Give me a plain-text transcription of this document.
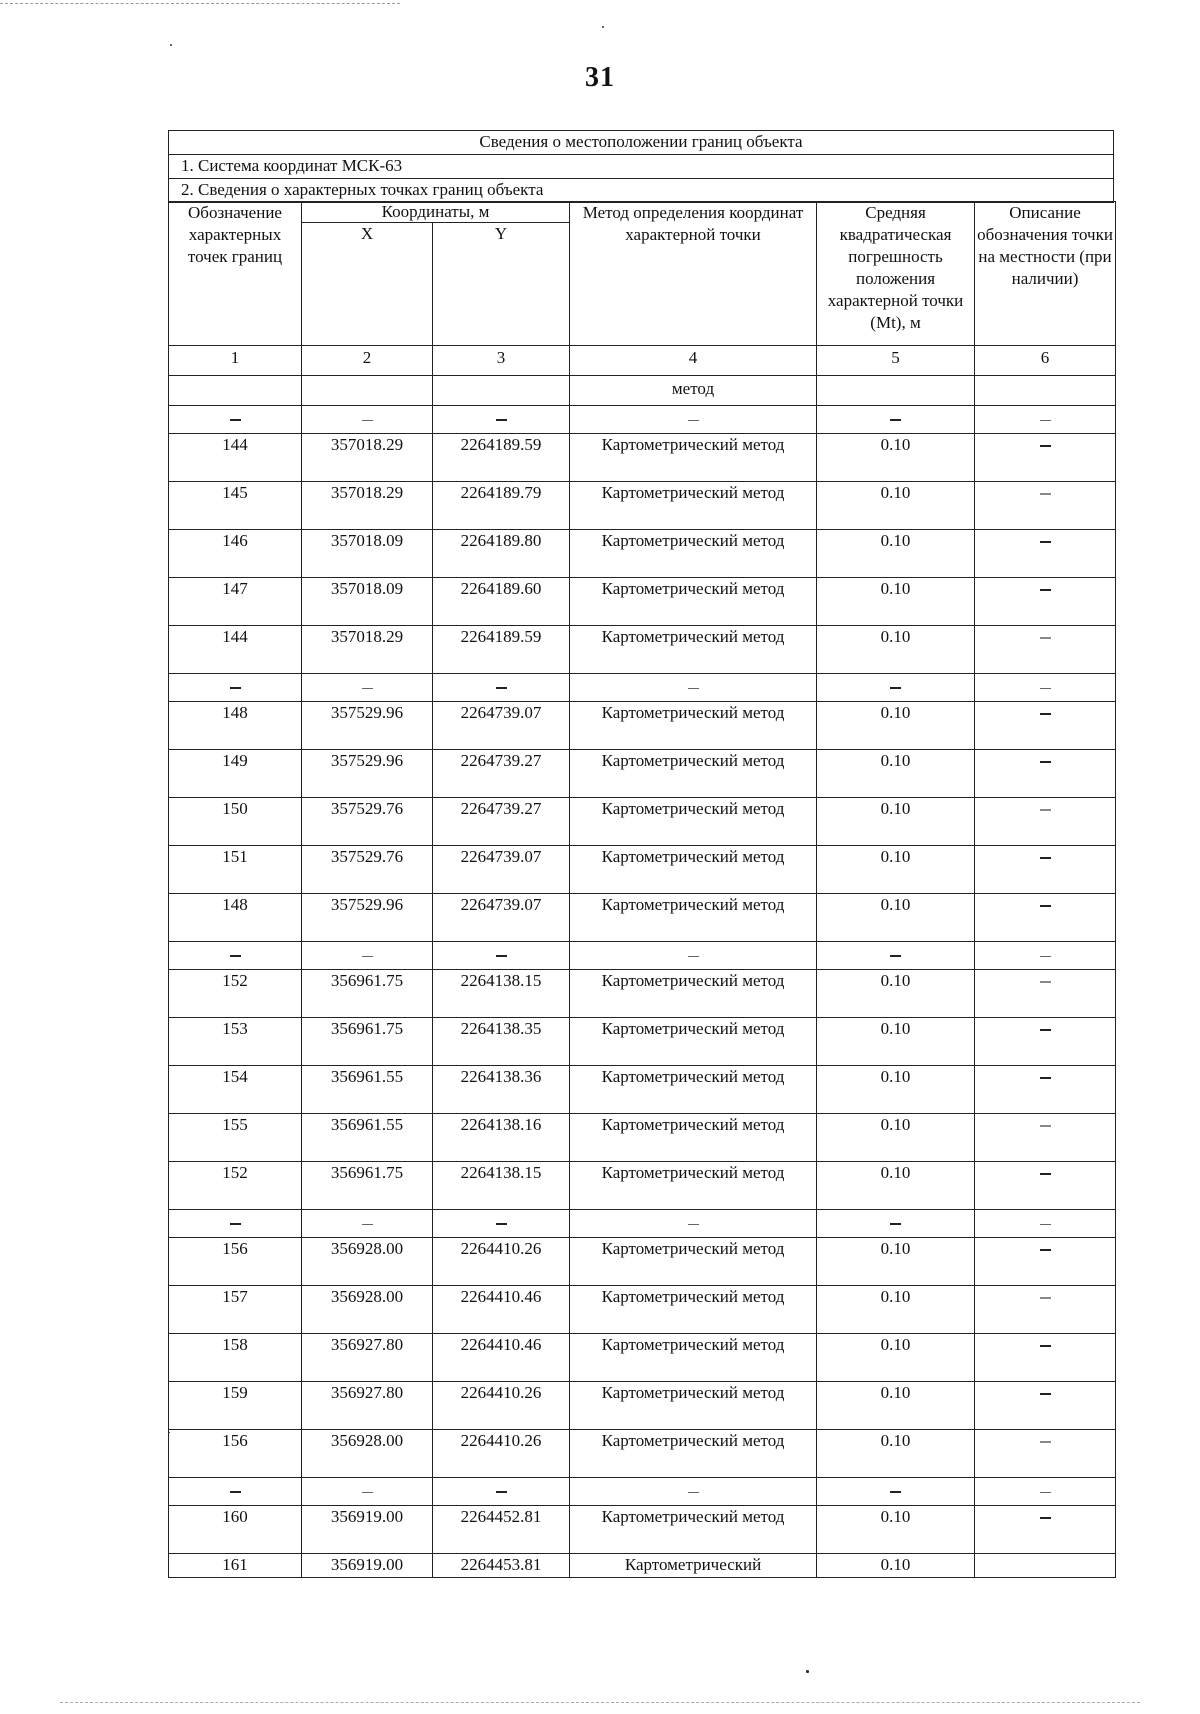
31
Сведения о местоположении границ объекта
1. Система координат МСК-63
2. Сведения о характерных точках границ объекта
Обозначение характерных точек границ	Координаты, м		Метод определения координат характерной точки	Средняя квадратическая погрешность положения характерной точки (Mt), м	Описание обозначения точки на местности (при наличии)
	X	Y			
1	2	3	4	5	6
			метод		

144	357018.29	2264189.59	Картометрический метод	0.10	
145	357018.29	2264189.79	Картометрический метод	0.10	
146	357018.09	2264189.80	Картометрический метод	0.10	
147	357018.09	2264189.60	Картометрический метод	0.10	
144	357018.29	2264189.59	Картометрический метод	0.10	

148	357529.96	2264739.07	Картометрический метод	0.10	
149	357529.96	2264739.27	Картометрический метод	0.10	
150	357529.76	2264739.27	Картометрический метод	0.10	
151	357529.76	2264739.07	Картометрический метод	0.10	
148	357529.96	2264739.07	Картометрический метод	0.10	

152	356961.75	2264138.15	Картометрический метод	0.10	
153	356961.75	2264138.35	Картометрический метод	0.10	
154	356961.55	2264138.36	Картометрический метод	0.10	
155	356961.55	2264138.16	Картометрический метод	0.10	
152	356961.75	2264138.15	Картометрический метод	0.10	

156	356928.00	2264410.26	Картометрический метод	0.10	
157	356928.00	2264410.46	Картометрический метод	0.10	
158	356927.80	2264410.46	Картометрический метод	0.10	
159	356927.80	2264410.26	Картометрический метод	0.10	
156	356928.00	2264410.26	Картометрический метод	0.10	

160	356919.00	2264452.81	Картометрический метод	0.10	
161	356919.00	2264453.81	Картометрический	0.10	
